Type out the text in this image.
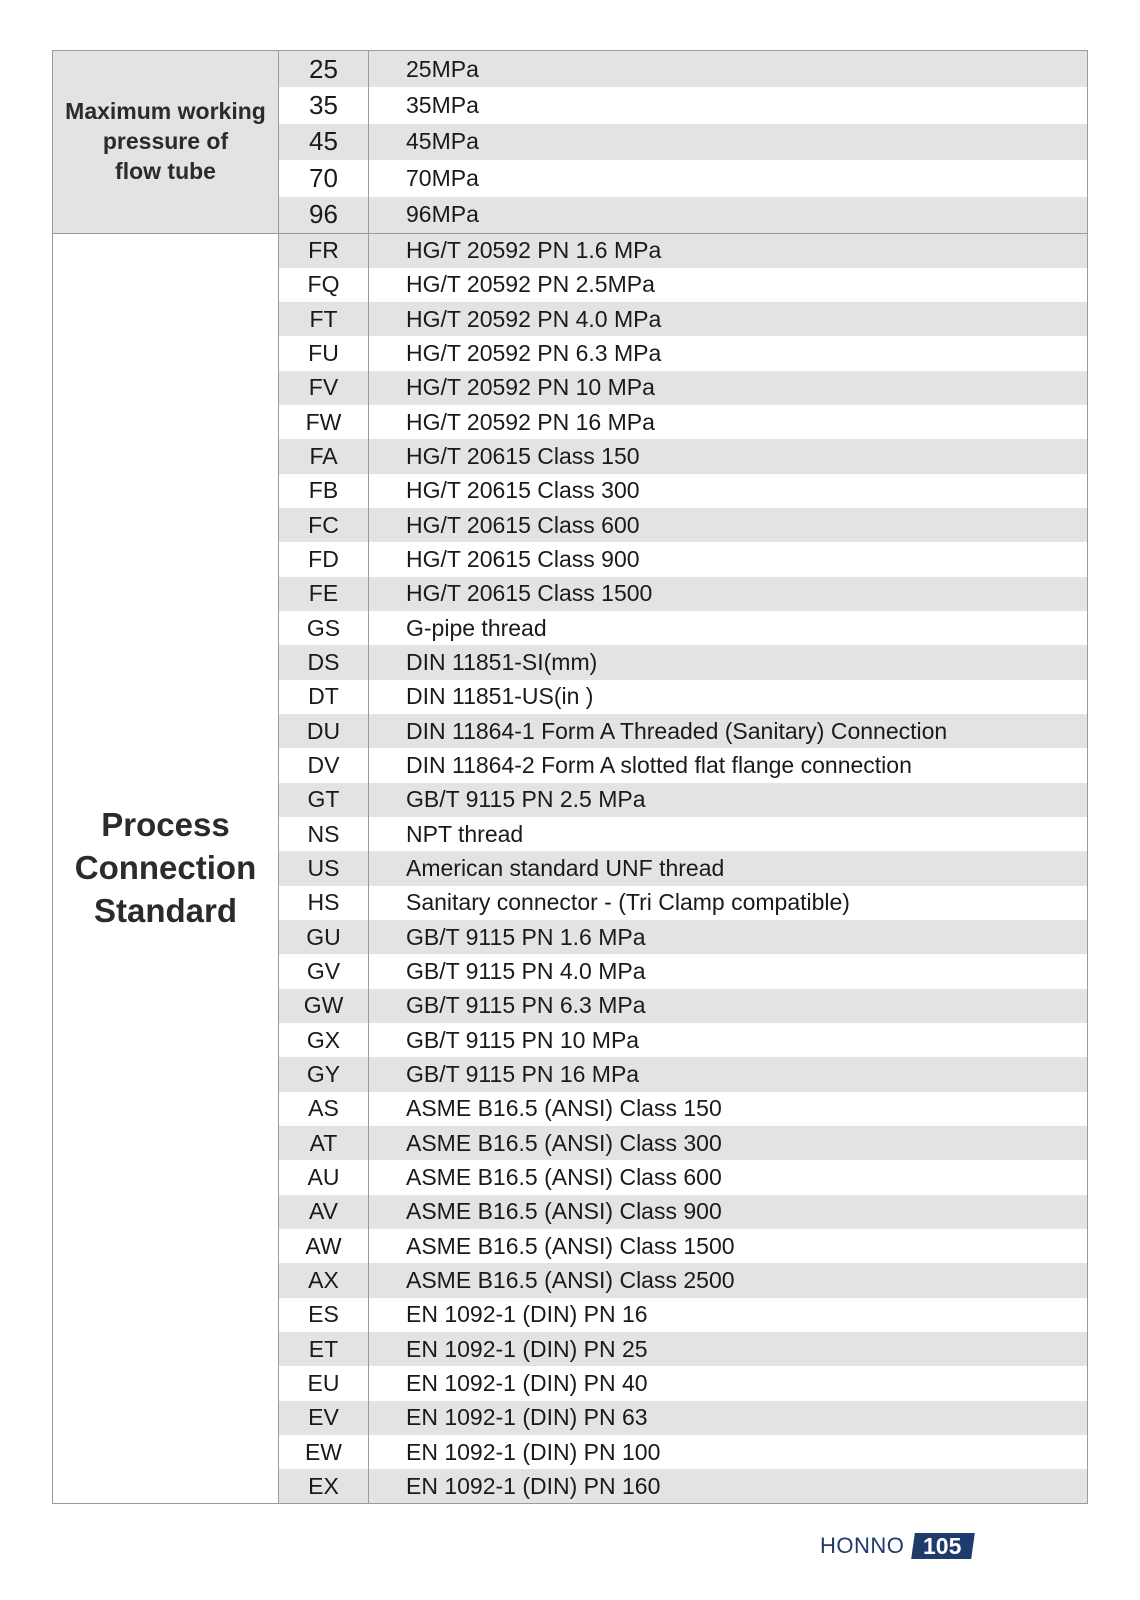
Maximum working
pressure of
flow tube	25	25MPa
	35	35MPa
	45	45MPa
	70	70MPa
	96	96MPa
Process
Connection
Standard	FR	HG/T 20592 PN 1.6 MPa
	FQ	HG/T 20592 PN 2.5MPa
	FT	HG/T 20592 PN 4.0 MPa
	FU	HG/T 20592 PN 6.3 MPa
	FV	HG/T 20592 PN 10 MPa
	FW	HG/T 20592 PN 16 MPa
	FA	HG/T 20615 Class 150
	FB	HG/T 20615 Class 300
	FC	HG/T 20615 Class 600
	FD	HG/T 20615 Class 900
	FE	HG/T 20615 Class 1500
	GS	G-pipe thread
	DS	DIN 11851-SI(mm)
	DT	DIN 11851-US(in )
	DU	DIN 11864-1 Form A Threaded (Sanitary) Connection
	DV	DIN 11864-2 Form A slotted flat flange connection
	GT	GB/T 9115 PN 2.5 MPa
	NS	NPT thread
	US	American standard UNF thread
	HS	Sanitary connector - (Tri Clamp compatible)
	GU	GB/T 9115 PN 1.6 MPa
	GV	GB/T 9115 PN 4.0 MPa
	GW	GB/T 9115 PN 6.3 MPa
	GX	GB/T 9115 PN 10 MPa
	GY	GB/T 9115 PN 16 MPa
	AS	ASME B16.5 (ANSI) Class 150
	AT	ASME B16.5 (ANSI) Class 300
	AU	ASME B16.5 (ANSI) Class 600
	AV	ASME B16.5 (ANSI) Class 900
	AW	ASME B16.5 (ANSI) Class 1500
	AX	ASME B16.5 (ANSI) Class 2500
	ES	EN 1092-1 (DIN) PN 16
	ET	EN 1092-1 (DIN) PN 25
	EU	EN 1092-1 (DIN) PN 40
	EV	EN 1092-1 (DIN) PN 63
	EW	EN 1092-1 (DIN) PN 100
	EX	EN 1092-1 (DIN) PN 160
HONNO 105
